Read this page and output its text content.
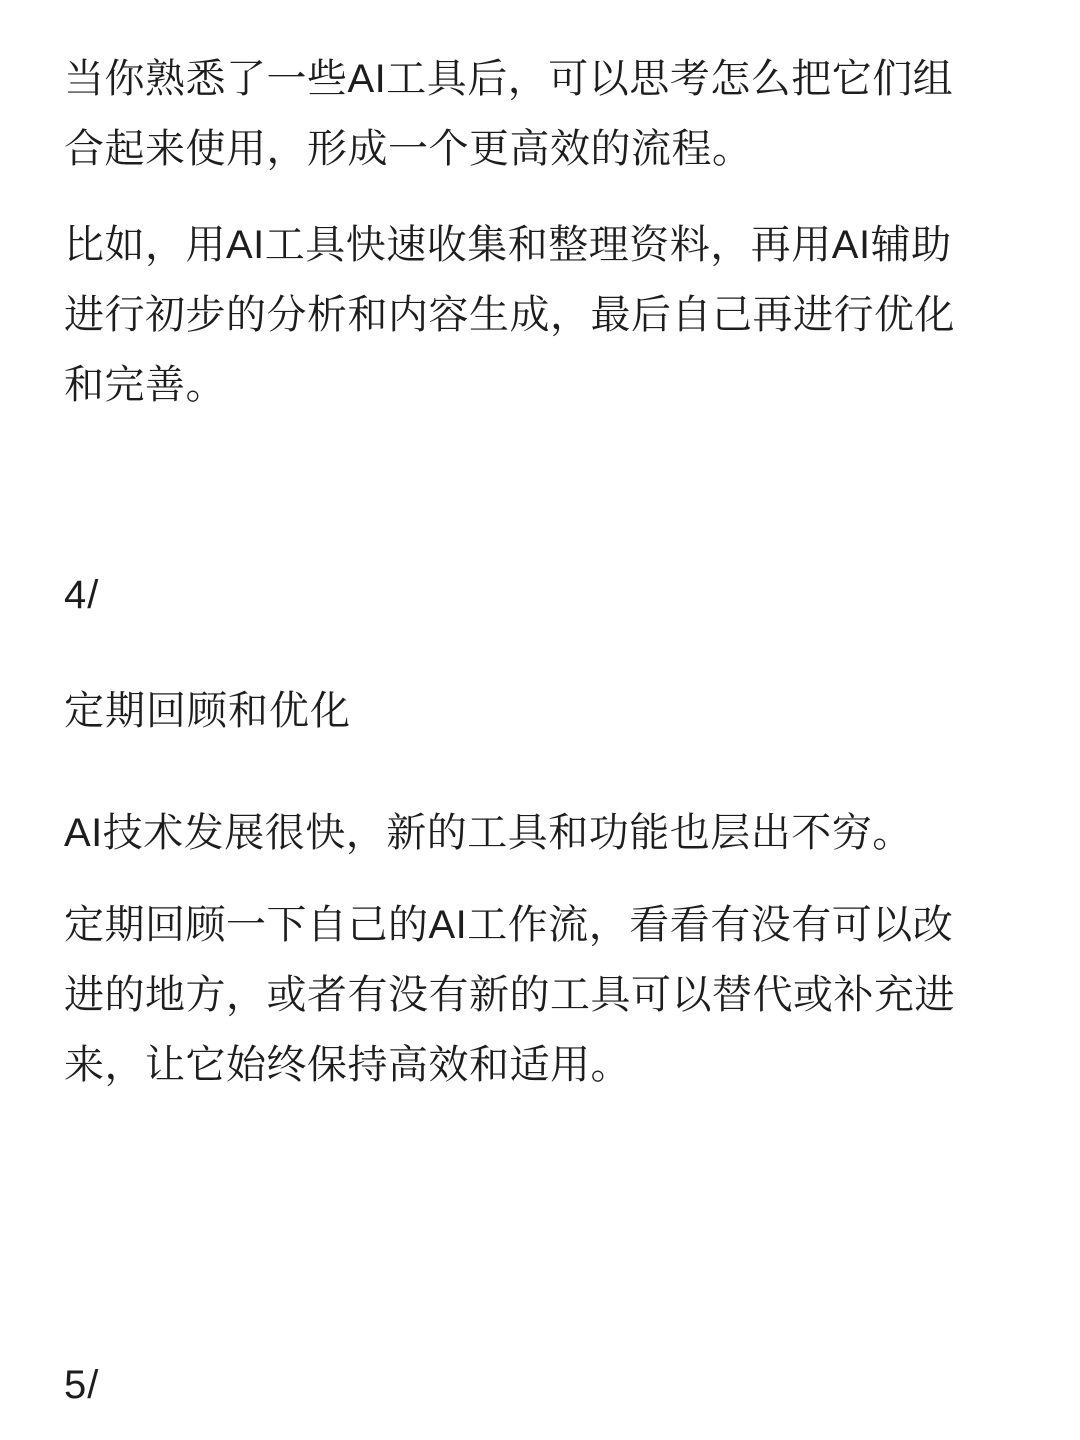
当你熟悉了一些AI工具后，可以思考怎么把它们组合起来使用，形成一个更高效的流程。

比如，用AI工具快速收集和整理资料，再用AI辅助进行初步的分析和内容生成，最后自己再进行优化和完善。

4/

定期回顾和优化

AI技术发展很快，新的工具和功能也层出不穷。

定期回顾一下自己的AI工作流，看看有没有可以改进的地方，或者有没有新的工具可以替代或补充进来，让它始终保持高效和适用。

5/
